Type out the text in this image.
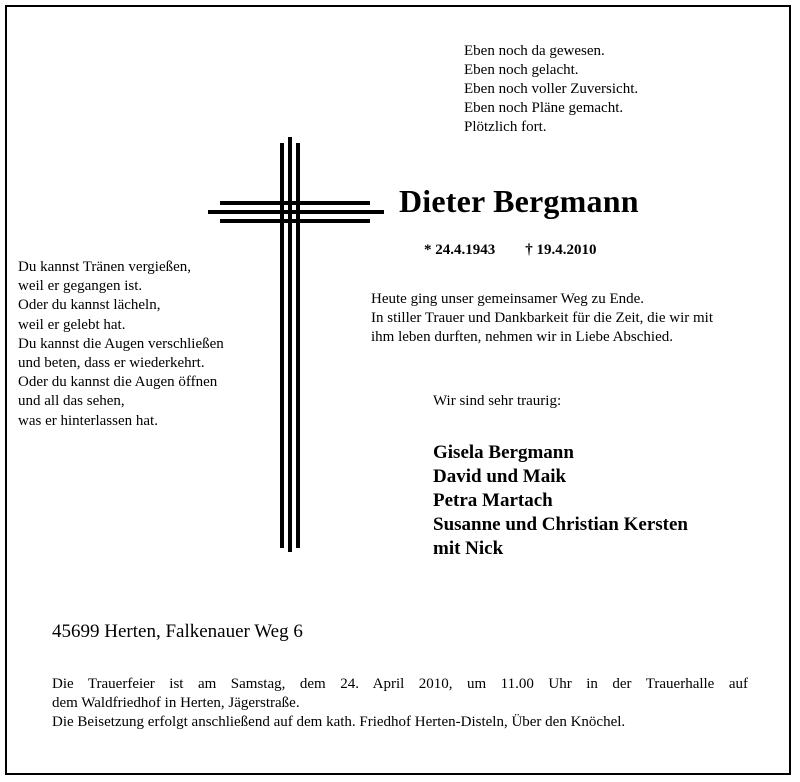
Eben noch da gewesen.
Eben noch gelacht.
Eben noch voller Zuversicht.
Eben noch Pläne gemacht.
Plötzlich fort.
Dieter Bergmann
* 24.4.1943 † 19.4.2010
Du kannst Tränen vergießen,
weil er gegangen ist.
Oder du kannst lächeln,
weil er gelebt hat.
Du kannst die Augen verschließen
und beten, dass er wiederkehrt.
Oder du kannst die Augen öffnen
und all das sehen,
was er hinterlassen hat.
Heute ging unser gemeinsamer Weg zu Ende.
In stiller Trauer und Dankbarkeit für die Zeit, die wir mit
ihm leben durften, nehmen wir in Liebe Abschied.
Wir sind sehr traurig:
Gisela Bergmann
David und Maik
Petra Martach
Susanne und Christian Kersten
mit Nick
45699 Herten, Falkenauer Weg 6
Die Trauerfeier ist am Samstag, dem 24. April 2010, um 11.00 Uhr in der Trauerhalle auf
dem Waldfriedhof in Herten, Jägerstraße.
Die Beisetzung erfolgt anschließend auf dem kath. Friedhof Herten-Disteln, Über den Knöchel.
